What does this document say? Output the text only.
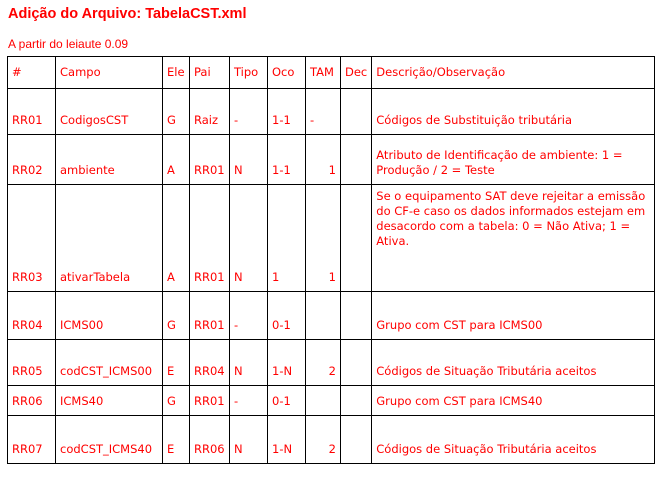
Adição do Arquivo: TabelaCST.xml
A partir do leiaute 0.09
#	Campo	Ele	Pai	Tipo	Oco	TAM	Dec	Descrição/Observação
RR01	CodigosCST	G	Raiz	-	1-1	-		Códigos de Substituição tributária
RR02	ambiente	A	RR01	N	1-1	1		Atributo de Identificação de ambiente: 1 = Produção / 2 = Teste
RR03	ativarTabela	A	RR01	N	1	1		Se o equipamento SAT deve rejeitar a emissão do CF-e caso os dados informados estejam em desacordo com a tabela: 0 = Não Ativa; 1 = Ativa.
RR04	ICMS00	G	RR01	-	0-1			Grupo com CST para ICMS00
RR05	codCST_ICMS00	E	RR04	N	1-N	2		Códigos de Situação Tributária aceitos
RR06	ICMS40	G	RR01	-	0-1			Grupo com CST para ICMS40
RR07	codCST_ICMS40	E	RR06	N	1-N	2		Códigos de Situação Tributária aceitos
